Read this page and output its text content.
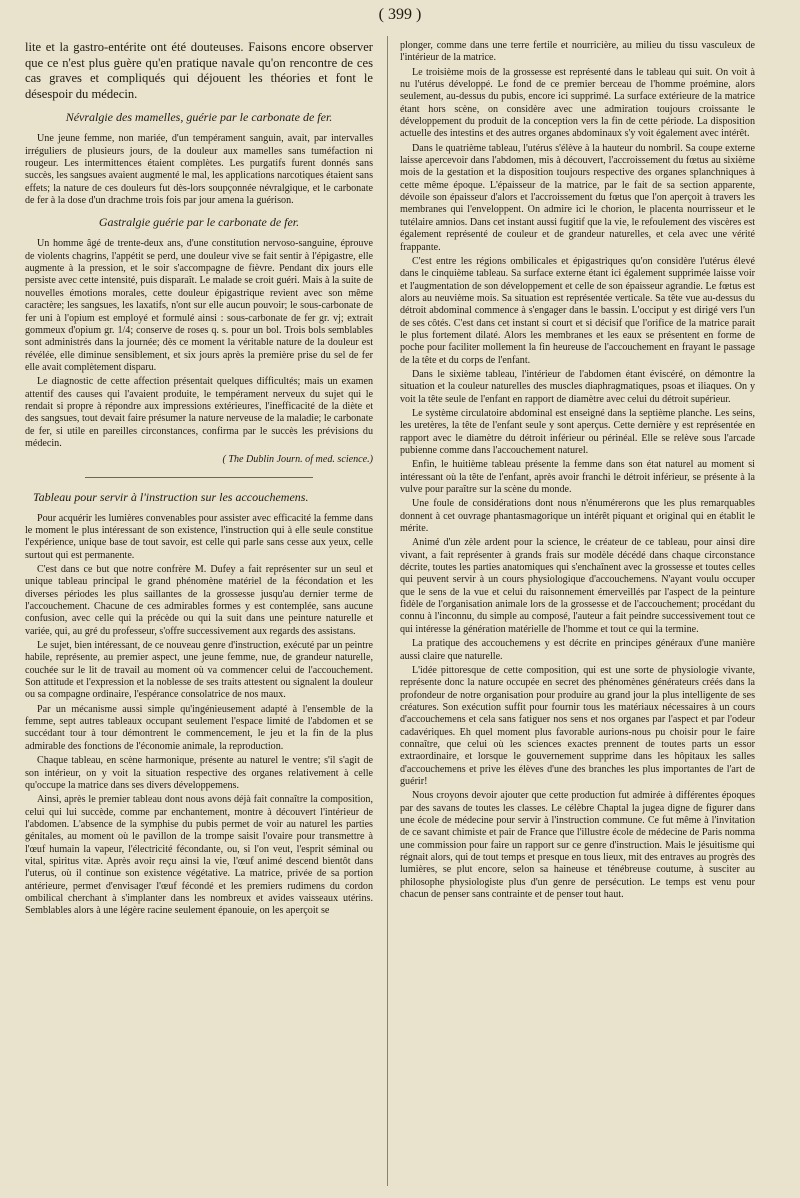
( 399 )

lite et la gastro-entérite ont été douteuses. Faisons encore observer que ce n'est plus guère qu'en pratique navale qu'on rencontre de ces cas graves et compliqués qui déjouent les théories et font le désespoir du médecin.

Névralgie des mamelles, guérie par le carbonate de fer.

Une jeune femme, non mariée, d'un tempérament sanguin, avait, par intervalles irréguliers de plusieurs jours, de la douleur aux mamelles sans tuméfaction ni rougeur. Les intermittences étaient complètes. Les purgatifs furent donnés sans succès, les sangsues avaient augmenté le mal, les applications narcotiques étaient sans effets; la nature de ces douleurs fut dès-lors soupçonnée névralgique, et le carbonate de fer à la dose d'un drachme trois fois par jour amena la guérison.

Gastralgie guérie par le carbonate de fer.

Un homme âgé de trente-deux ans, d'une constitution nervoso-sanguine, éprouve de violents chagrins, l'appétit se perd, une douleur vive se fait sentir à l'épigastre, elle augmente à la pression, et le soir s'accompagne de fièvre. Pendant dix jours elle persiste avec cette intensité, puis disparaît. Le malade se croit guéri. Mais à la suite de nouvelles émotions morales, cette douleur épigastrique revient avec son même caractère; les sangsues, les laxatifs, n'ont sur elle aucun pouvoir; le sous-carbonate de fer uni à l'opium est employé et formulé ainsi : sous-carbonate de fer gr. vj; extrait gommeux d'opium gr. 1/4; conserve de roses q. s. pour un bol. Trois bols semblables sont administrés dans la journée; dès ce moment la véritable nature de la douleur est révélée, elle diminue sensiblement, et six jours après la première prise du sel de fer elle avait complètement disparu.

Le diagnostic de cette affection présentait quelques difficultés; mais un examen attentif des causes qui l'avaient produite, le tempérament nerveux du sujet qui le rendait si propre à répondre aux impressions extérieures, l'inefficacité de la diète et des sangsues, tout devait faire présumer la nature nerveuse de la maladie; le carbonate de fer, si utile en pareilles circonstances, confirma par le succès les prévisions du médecin.

( The Dublin Journ. of med. science.)
Tableau pour servir à l'instruction sur les accouchemens.

Pour acquérir les lumières convenables pour assister avec efficacité la femme dans le moment le plus intéressant de son existence, l'instruction qui à elle seule constitue l'expérience, unique base de tout savoir, est celle qui parle sans cesse aux yeux, celle surtout qui est permanente.

C'est dans ce but que notre confrère M. Dufey a fait représenter sur un seul et unique tableau principal le grand phénomène matériel de la fécondation et les diverses périodes les plus saillantes de la grossesse jusqu'au dernier terme de l'accouchement. Chacune de ces admirables formes y est contemplée, sans aucune confusion, avec celle qui la précède ou qui la suit dans une peinture naturelle et variée, qui, au gré du professeur, s'offre successivement aux regards des assistans.

Le sujet, bien intéressant, de ce nouveau genre d'instruction, exécuté par un peintre habile, représente, au premier aspect, une jeune femme, nue, de grandeur naturelle, couchée sur le lit de travail au moment où va commencer celui de l'accouchement. Son attitude et l'expression et la noblesse de ses traits attestent ou signalent la douleur ou sa compagne ordinaire, l'espérance consolatrice de nos maux.

Par un mécanisme aussi simple qu'ingénieusement adapté à l'ensemble de la femme, sept autres tableaux occupant seulement l'espace limité de l'abdomen et se succédant tour à tour démontrent le commencement, le jeu et la fin de la plus admirable des fonctions de l'économie animale, la reproduction.

Chaque tableau, en scène harmonique, présente au naturel le ventre; s'il s'agit de son intérieur, on y voit la situation respective des organes relativement à celle qu'occupe la matrice dans ses divers développemens.

Ainsi, après le premier tableau dont nous avons déjà fait connaître la composition, celui qui lui succède, comme par enchantement, montre à découvert l'intérieur de l'abdomen. L'absence de la symphise du pubis permet de voir au naturel les parties génitales, au moment où le pavillon de la trompe saisit l'ovaire pour transmettre à l'œuf humain la vapeur, l'électricité fécondante, ou, si l'on veut, l'esprit séminal ou vital, spiritus vitæ. Après avoir reçu ainsi la vie, l'œuf animé descend bientôt dans l'uterus, où il continue son existence végétative. La matrice, privée de sa portion antérieure, permet d'envisager l'œuf fécondé et les premiers rudimens du cordon ombilical cherchant à s'implanter dans les nombreux et avides vaisseaux utérins. Semblables alors à une légère racine seulement épanouie, on les aperçoit se

plonger, comme dans une terre fertile et nourricière, au milieu du tissu vasculeux de l'intérieur de la matrice.

Le troisième mois de la grossesse est représenté dans le tableau qui suit. On voit à nu l'utérus développé. Le fond de ce premier berceau de l'homme proémine, alors seulement, au-dessus du pubis, encore ici supprimé. La surface extérieure de la matrice étant hors scène, on considère avec une admiration toujours croissante le développement du produit de la conception vers la fin de cette période. La disposition actuelle des intestins et des autres organes abdominaux s'y voit également avec intérêt.

Dans le quatrième tableau, l'utérus s'élève à la hauteur du nombril. Sa coupe externe laisse apercevoir dans l'abdomen, mis à découvert, l'accroissement du fœtus au sixième mois de la gestation et la disposition toujours respective des organes splanchniques à cette même époque. L'épaisseur de la matrice, par le fait de sa section apparente, dévoile son épaisseur d'alors et l'accroissement du fœtus que l'on aperçoit à travers les membranes qui l'enveloppent. On admire ici le chorion, le placenta nourrisseur et le tutélaire amnios. Dans cet instant aussi fugitif que la vie, le refoulement des viscères est également représenté de couleur et de grandeur naturelles, et cela avec une vérité frappante.

C'est entre les régions ombilicales et épigastriques qu'on considère l'utérus élevé dans le cinquième tableau. Sa surface externe étant ici également supprimée laisse voir et l'augmentation de son développement et celle de son épaisseur agrandie. Le fœtus est alors au neuvième mois. Sa situation est représentée verticale. Sa tête vue au-dessus du détroit abdominal commence à s'engager dans le bassin. L'occiput y est dirigé vers l'un de ses côtés. C'est dans cet instant si court et si décisif que l'orifice de la matrice parait le plus fortement dilaté. Alors les membranes et les eaux se présentent en forme de poche pour faciliter mollement la fin heureuse de l'accouchement en frayant le passage de la tête et du corps de l'enfant.

Dans le sixième tableau, l'intérieur de l'abdomen étant éviscéré, on démontre la situation et la couleur naturelles des muscles diaphragmatiques, psoas et iliaques. On y voit la tête seule de l'enfant en rapport de diamètre avec celui du détroit supérieur.

Le système circulatoire abdominal est enseigné dans la septième planche. Les seins, les uretères, la tête de l'enfant seule y sont aperçus. Cette dernière y est représentée en rapport avec le diamètre du détroit inférieur ou périnéal. Elle se relève sous l'arcade pubienne comme dans l'accouchement naturel.

Enfin, le huitième tableau présente la femme dans son état naturel au moment si intéressant où la tête de l'enfant, après avoir franchi le détroit inférieur, se présente à la vulve pour paraître sur la scène du monde.

Une foule de considérations dont nous n'énumérerons que les plus remarquables donnent à cet ouvrage phantasmagorique un intérêt piquant et original qui en établit le mérite.

Animé d'un zèle ardent pour la science, le créateur de ce tableau, pour ainsi dire vivant, a fait représenter à grands frais sur modèle décédé dans chaque circonstance décrite, toutes les parties anatomiques qui s'enchaînent avec la grossesse et toutes celles qui peuvent servir à un cours physiologique d'accouchemens. N'ayant voulu occuper que le sens de la vue et celui du raisonnement émerveillés par l'aspect de la peinture fidèle de l'organisation animale lors de la grossesse et de l'accouchement; procédant du connu à l'inconnu, du simple au composé, l'auteur a fait peindre successivement tout ce qui intéresse la génération matérielle de l'homme et tout ce qui la termine.

La pratique des accouchemens y est décrite en principes généraux d'une manière aussi claire que naturelle.

L'idée pittoresque de cette composition, qui est une sorte de physiologie vivante, représente donc la nature occupée en secret des phénomènes générateurs créés dans la profondeur de notre organisation pour produire au grand jour la plus intelligente de ses créatures. Son exécution suffit pour fournir tous les matériaux nécessaires à un cours d'accouchemens et cela sans fatiguer nos sens et nos organes par l'aspect et par l'odeur cadavériques. Eh quel moment plus favorable aurions-nous pu choisir pour le faire connaître, que celui où les sciences exactes prennent de toutes parts un essor extraordinaire, et lorsque le gouvernement supprime dans les hôpitaux les salles d'accouchemens et prive les élèves d'une des branches les plus importantes de l'art de guérir!

Nous croyons devoir ajouter que cette production fut admirée à différentes époques par des savans de toutes les classes. Le célèbre Chaptal la jugea digne de figurer dans une école de médecine pour servir à l'instruction commune. Ce fut même à l'invitation de ce savant chimiste et pair de France que l'illustre école de médecine de Paris nomma une commission pour faire un rapport sur ce genre d'instruction. Mais le jésuitisme qui régnait alors, qui de tout temps et presque en tous lieux, mit des entraves au progrès des lumières, se plut encore, selon sa haineuse et ténébreuse coutume, à susciter au philosophe physiologiste plus d'un genre de persécution. Le temps est venu pour chacun de penser sans contrainte et de penser tout haut.
